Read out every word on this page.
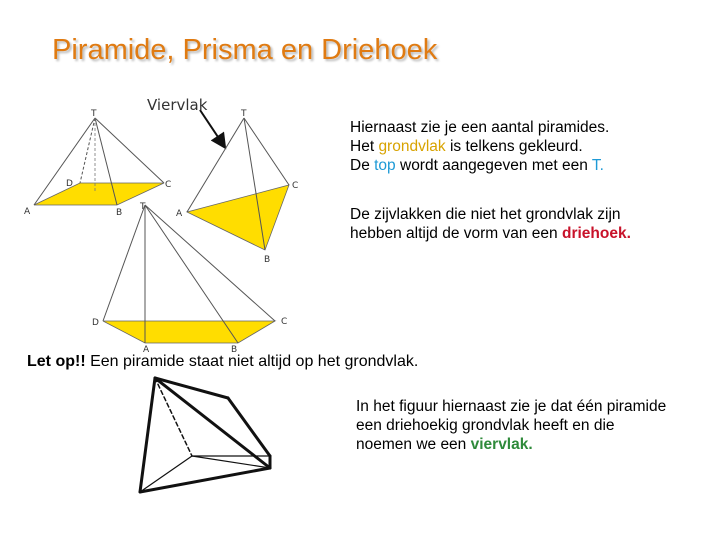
Piramide, Prisma en Driehoek
Viervlak
T
D	C
A	B
T
C
A
B
T
D	C
A	B
Hiernaast zie je een aantal piramides.
Het grondvlak is telkens gekleurd.
De top wordt aangegeven met een T.
De zijvlakken die niet het grondvlak zijn
hebben altijd de vorm van een driehoek.
Let op!! Een piramide staat niet altijd op het grondvlak.
In het figuur hiernaast zie je dat één piramide
een driehoekig grondvlak heeft en die
noemen we een viervlak.
